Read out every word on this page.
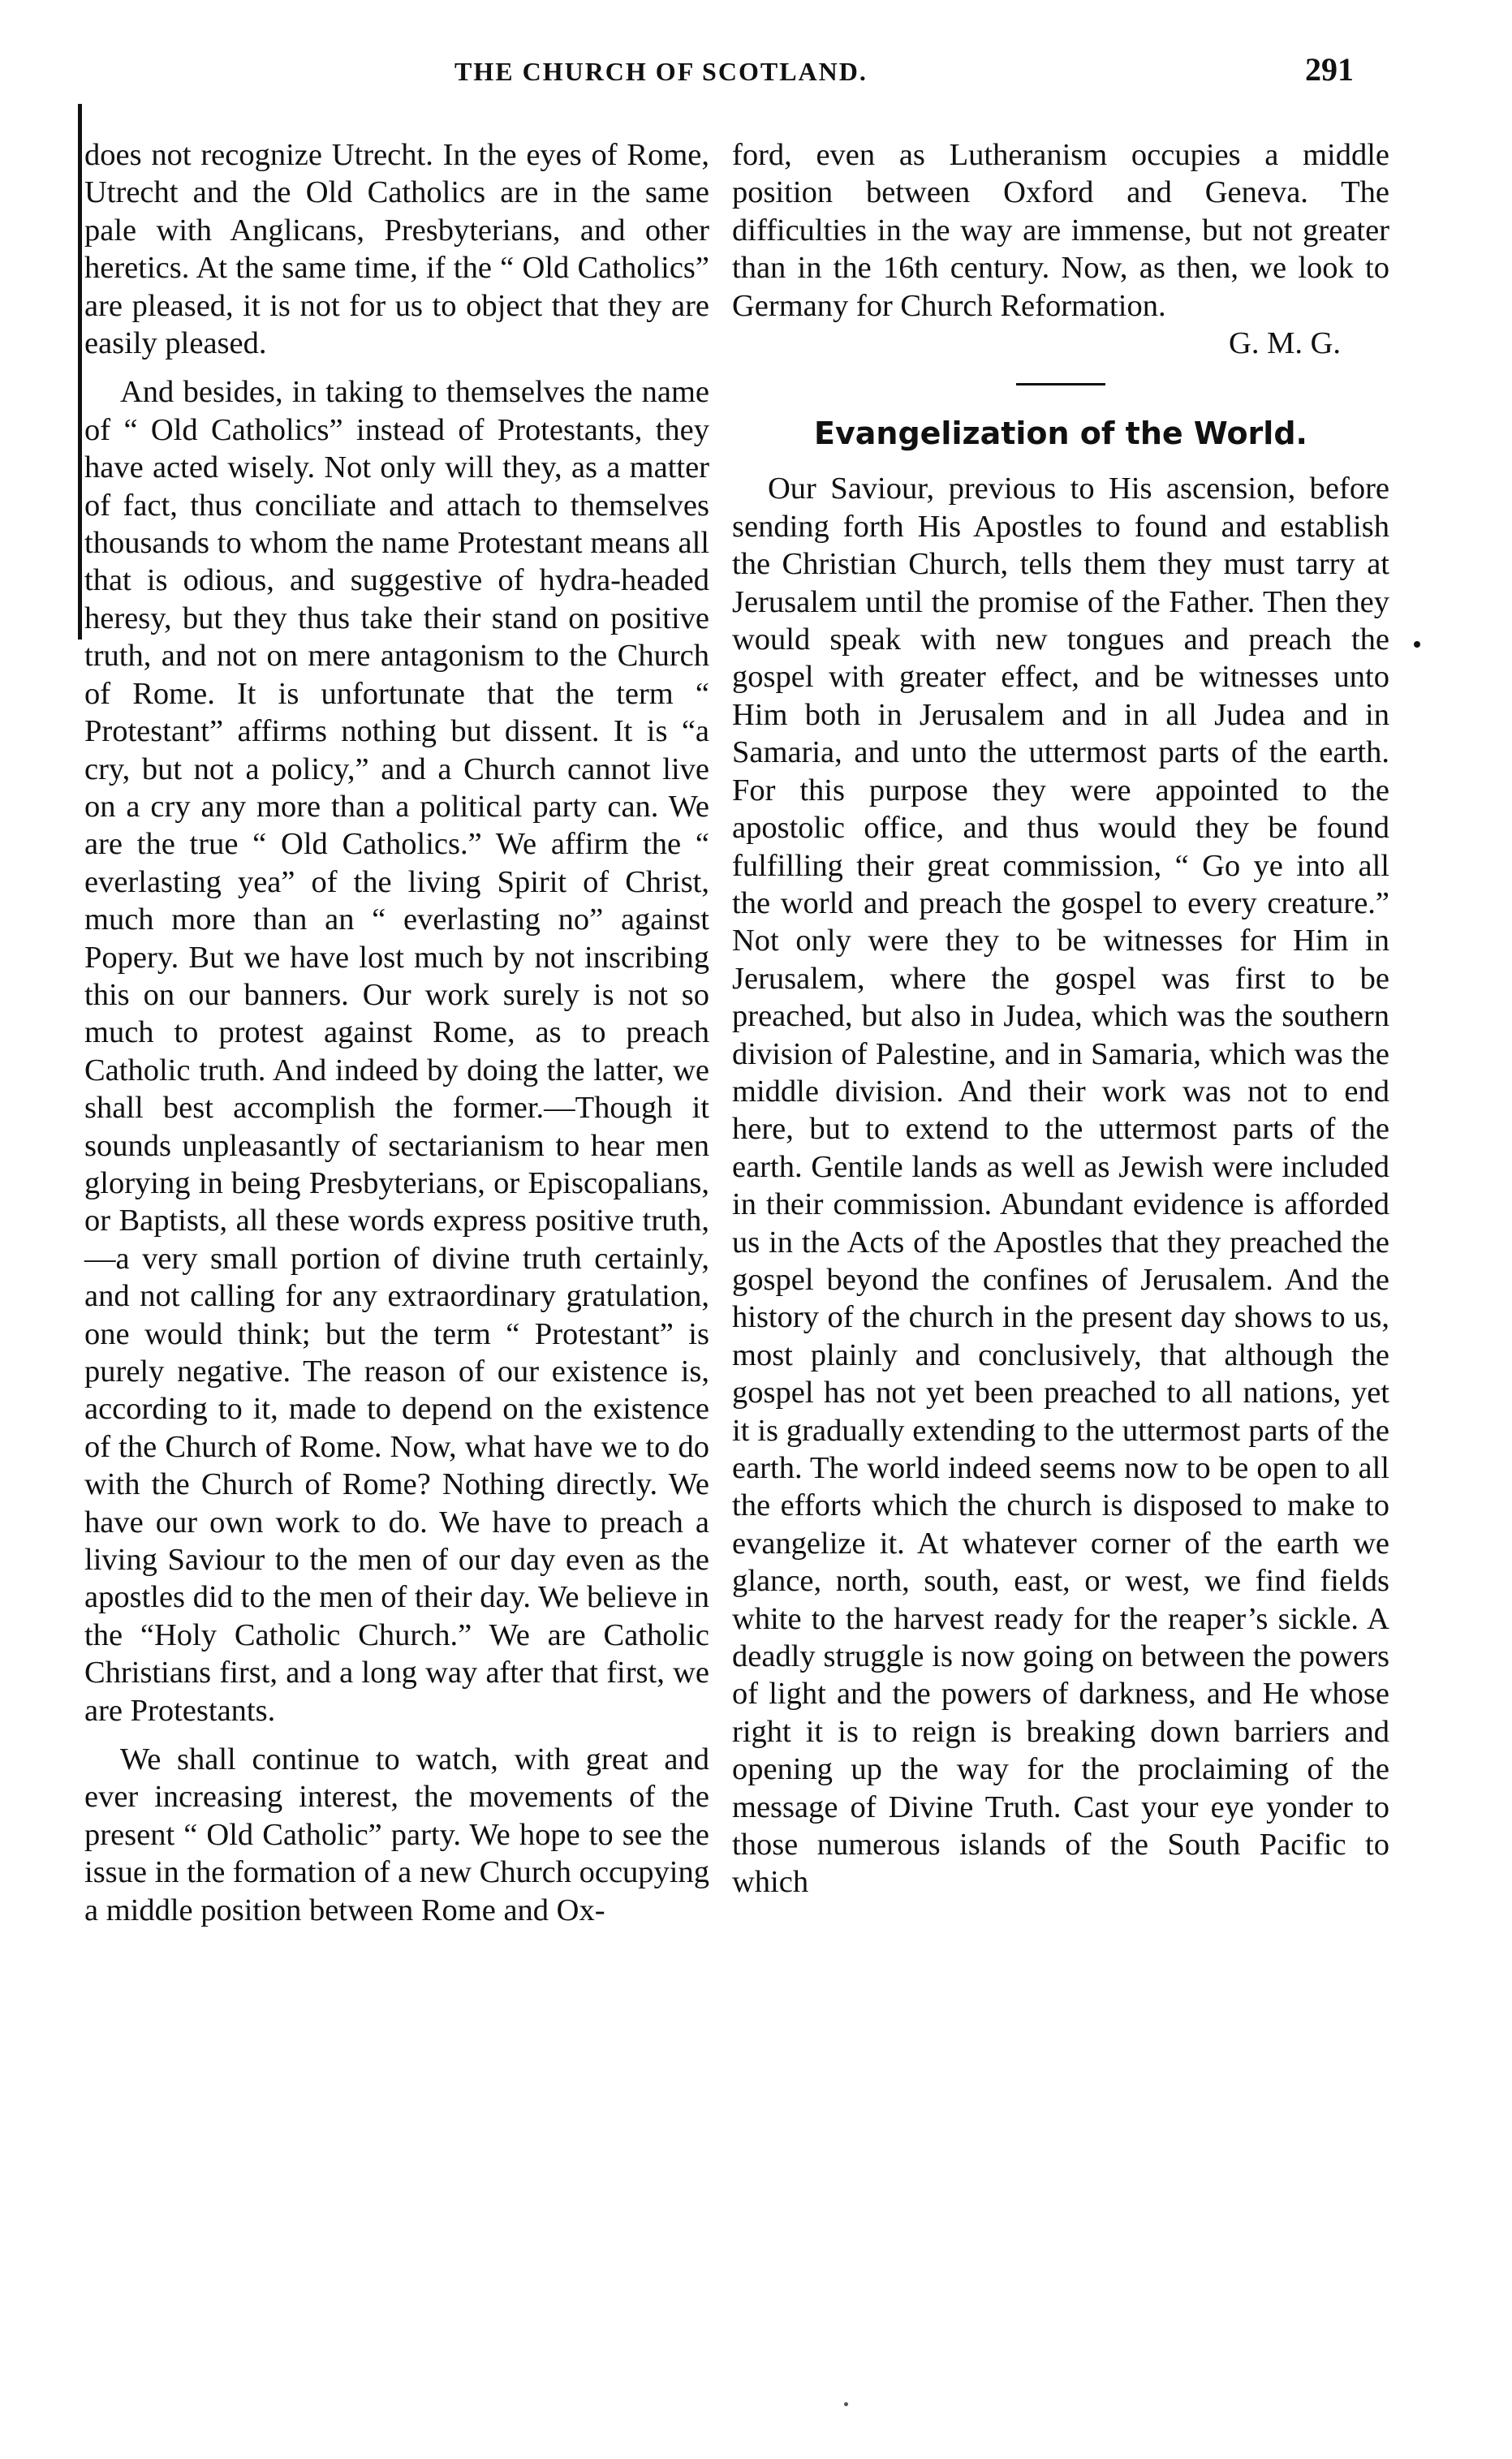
THE CHURCH OF SCOTLAND.	291

does not recognize Utrecht. In the eyes of Rome, Utrecht and the Old Catholics are in the same pale with Anglicans, Presbyterians, and other heretics. At the same time, if the “ Old Catholics” are pleased, it is not for us to object that they are easily pleased.

And besides, in taking to themselves the name of “ Old Catholics” instead of Protestants, they have acted wisely. Not only will they, as a matter of fact, thus conciliate and attach to themselves thousands to whom the name Protestant means all that is odious, and suggestive of hydra-headed heresy, but they thus take their stand on positive truth, and not on mere antagonism to the Church of Rome. It is unfortunate that the term “ Protestant” affirms nothing but dissent. It is “a cry, but not a policy,” and a Church cannot live on a cry any more than a political party can. We are the true “ Old Catholics.” We affirm the “ everlasting yea” of the living Spirit of Christ, much more than an “ everlasting no” against Popery. But we have lost much by not inscribing this on our banners. Our work surely is not so much to protest against Rome, as to preach Catholic truth. And indeed by doing the latter, we shall best accomplish the former.—Though it sounds unpleasantly of sectarianism to hear men glorying in being Presbyterians, or Episcopalians, or Baptists, all these words express positive truth,—a very small portion of divine truth certainly, and not calling for any extraordinary gratulation, one would think; but the term “ Protestant” is purely negative. The reason of our existence is, according to it, made to depend on the existence of the Church of Rome. Now, what have we to do with the Church of Rome? Nothing directly. We have our own work to do. We have to preach a living Saviour to the men of our day even as the apostles did to the men of their day. We believe in the “Holy Catholic Church.” We are Catholic Christians first, and a long way after that first, we are Protestants.

We shall continue to watch, with great and ever increasing interest, the movements of the present “ Old Catholic” party. We hope to see the issue in the formation of a new Church occupying a middle position between Rome and Ox-

ford, even as Lutheranism occupies a middle position between Oxford and Geneva. The difficulties in the way are immense, but not greater than in the 16th century. Now, as then, we look to Germany for Church Reformation.

G. M. G.

Evangelization of the World.

Our Saviour, previous to His ascension, before sending forth His Apostles to found and establish the Christian Church, tells them they must tarry at Jerusalem until the promise of the Father. Then they would speak with new tongues and preach the gospel with greater effect, and be witnesses unto Him both in Jerusalem and in all Judea and in Samaria, and unto the uttermost parts of the earth. For this purpose they were appointed to the apostolic office, and thus would they be found fulfilling their great commission, “ Go ye into all the world and preach the gospel to every creature.” Not only were they to be witnesses for Him in Jerusalem, where the gospel was first to be preached, but also in Judea, which was the southern division of Palestine, and in Samaria, which was the middle division. And their work was not to end here, but to extend to the uttermost parts of the earth. Gentile lands as well as Jewish were included in their commission. Abundant evidence is afforded us in the Acts of the Apostles that they preached the gospel beyond the confines of Jerusalem. And the history of the church in the present day shows to us, most plainly and conclusively, that although the gospel has not yet been preached to all nations, yet it is gradually extending to the uttermost parts of the earth. The world indeed seems now to be open to all the efforts which the church is disposed to make to evangelize it. At whatever corner of the earth we glance, north, south, east, or west, we find fields white to the harvest ready for the reaper’s sickle. A deadly struggle is now going on between the powers of light and the powers of darkness, and He whose right it is to reign is breaking down barriers and opening up the way for the proclaiming of the message of Divine Truth. Cast your eye yonder to those numerous islands of the South Pacific to which
